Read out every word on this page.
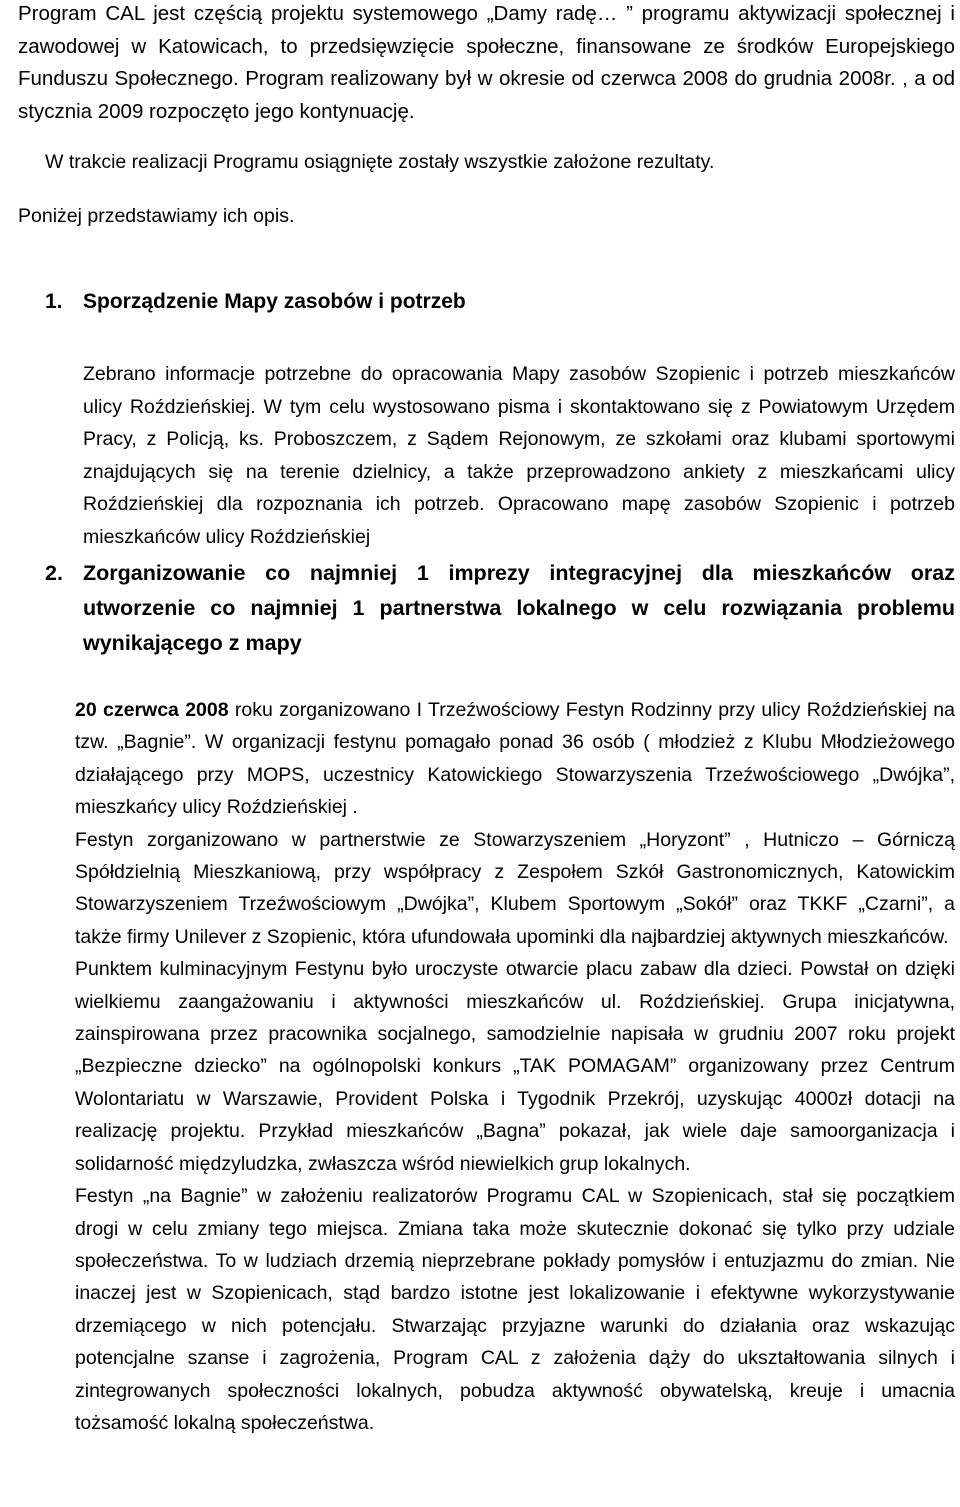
Program CAL jest częścią projektu systemowego „Damy radę… ” programu aktywizacji społecznej i zawodowej w Katowicach, to przedsięwzięcie społeczne, finansowane ze środków Europejskiego Funduszu Społecznego. Program realizowany był w okresie od czerwca 2008 do grudnia 2008r. , a od stycznia 2009 rozpoczęto jego kontynuację.

W trakcie realizacji Programu osiągnięte zostały wszystkie założone rezultaty.

Poniżej przedstawiamy ich opis.

1. Sporządzenie Mapy zasobów i potrzeb

Zebrano informacje potrzebne do opracowania Mapy zasobów Szopienic i potrzeb mieszkańców ulicy Roździeńskiej. W tym celu wystosowano pisma i skontaktowano się z Powiatowym Urzędem Pracy, z Policją, ks. Proboszczem, z Sądem Rejonowym, ze szkołami oraz klubami sportowymi znajdujących się na terenie dzielnicy, a także przeprowadzono ankiety z mieszkańcami ulicy Roździeńskiej dla rozpoznania ich potrzeb. Opracowano mapę zasobów Szopienic i potrzeb mieszkańców ulicy Roździeńskiej

2. Zorganizowanie co najmniej 1 imprezy integracyjnej dla mieszkańców oraz utworzenie co najmniej 1 partnerstwa lokalnego w celu rozwiązania problemu wynikającego z mapy

20 czerwca 2008 roku zorganizowano I Trzeźwościowy Festyn Rodzinny przy ulicy Roździeńskiej na tzw. „Bagnie”. W organizacji festynu pomagało ponad 36 osób ( młodzież z Klubu Młodzieżowego działającego przy MOPS, uczestnicy Katowickiego Stowarzyszenia Trzeźwościowego „Dwójka”, mieszkańcy ulicy Roździeńskiej .

Festyn zorganizowano w partnerstwie ze Stowarzyszeniem „Horyzont” , Hutniczo – Górniczą Spółdzielnią Mieszkaniową, przy współpracy z Zespołem Szkół Gastronomicznych, Katowickim Stowarzyszeniem Trzeźwościowym „Dwójka”, Klubem Sportowym „Sokół” oraz TKKF „Czarni”, a także firmy Unilever z Szopienic, która ufundowała upominki dla najbardziej aktywnych mieszkańców.

Punktem kulminacyjnym Festynu było uroczyste otwarcie placu zabaw dla dzieci. Powstał on dzięki wielkiemu zaangażowaniu i aktywności mieszkańców ul. Roździeńskiej. Grupa inicjatywna, zainspirowana przez pracownika socjalnego, samodzielnie napisała w grudniu 2007 roku projekt „Bezpieczne dziecko” na ogólnopolski konkurs „TAK POMAGAM” organizowany przez Centrum Wolontariatu w Warszawie, Provident Polska i Tygodnik Przekrój, uzyskując 4000zł dotacji na realizację projektu. Przykład mieszkańców „Bagna” pokazał, jak wiele daje samoorganizacja i solidarność międzyludzka, zwłaszcza wśród niewielkich grup lokalnych.

Festyn „na Bagnie” w założeniu realizatorów Programu CAL w Szopienicach, stał się początkiem drogi w celu zmiany tego miejsca. Zmiana taka może skutecznie dokonać się tylko przy udziale społeczeństwa. To w ludziach drzemią nieprzebrane pokłady pomysłów i entuzjazmu do zmian. Nie inaczej jest w Szopienicach, stąd bardzo istotne jest lokalizowanie i efektywne wykorzystywanie drzemiącego w nich potencjału. Stwarzając przyjazne warunki do działania oraz wskazując potencjalne szanse i zagrożenia, Program CAL z założenia dąży do ukształtowania silnych i zintegrowanych społeczności lokalnych, pobudza aktywność obywatelską, kreuje i umacnia tożsamość lokalną społeczeństwa.
